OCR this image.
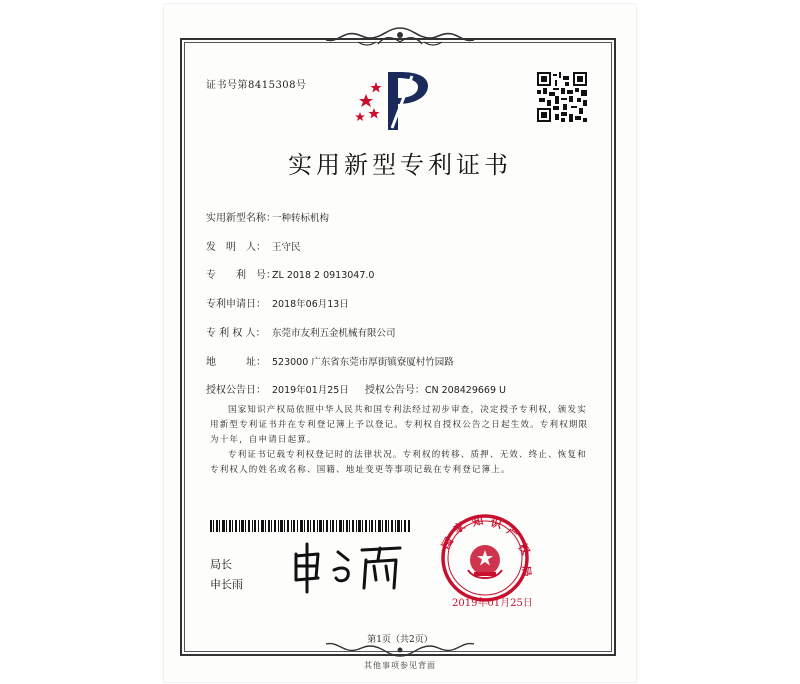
证书号第8415308号
实用新型专利证书
实用新型名称：一种转标机构
发　明　人： 王守民
专　　利　号：ZL 2018 2 0913047.0
专利申请日： 2018年06月13日
专 利 权 人： 东莞市友利五金机械有限公司
地　　　址： 523000 广东省东莞市厚街镇寮厦村竹园路
授权公告日： 2019年01月25日 授权公告号：CN 208429669 U
国家知识产权局依照中华人民共和国专利法经过初步审查，决定授予专利权，颁发实用新型专利证书并在专利登记簿上予以登记。专利权自授权公告之日起生效。专利权期限为十年，自申请日起算。
专利证书记载专利权登记时的法律状况。专利权的转移、质押、无效、终止、恢复和专利权人的姓名或名称、国籍、地址变更等事项记载在专利登记簿上。
局长
申长雨
国
家 知 识
产
权
局
2019年01月25日
第1页（共2页）
其他事项参见背面
